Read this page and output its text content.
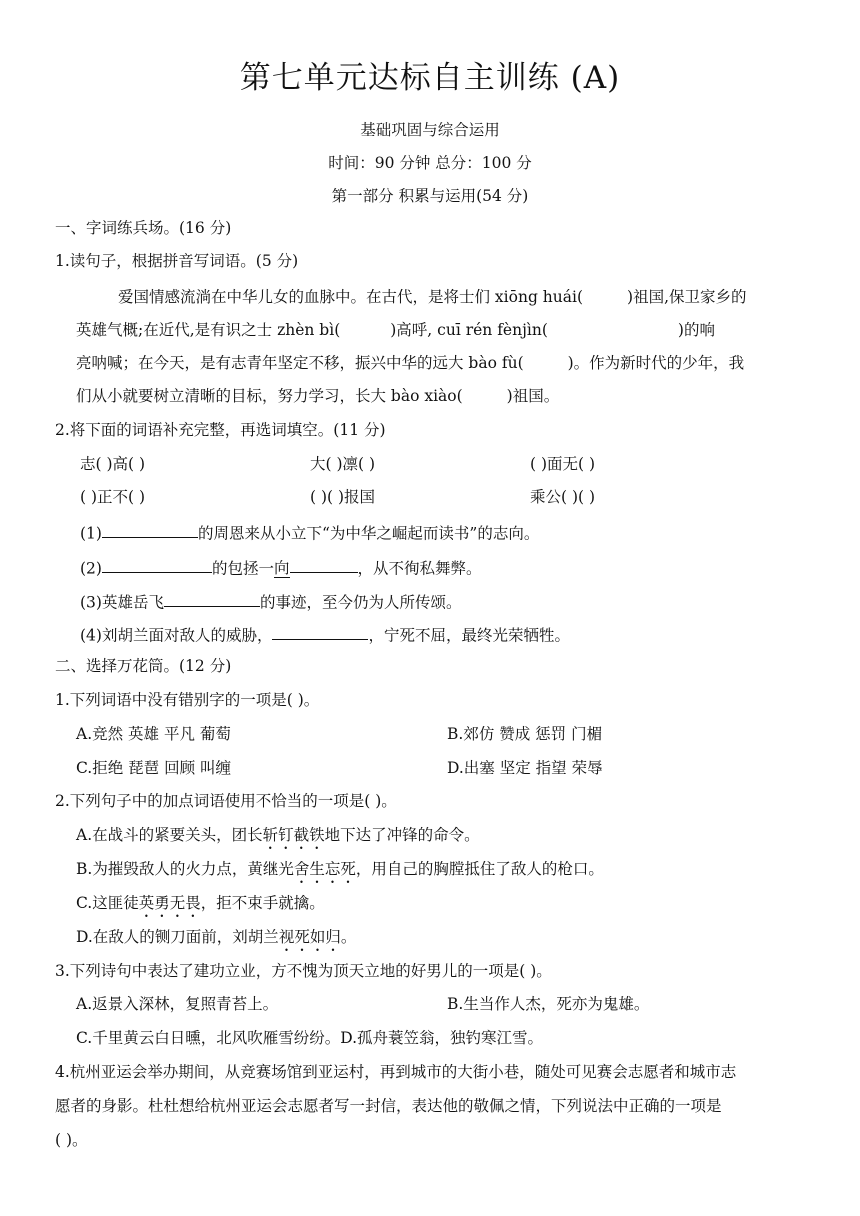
第七单元达标自主训练 (A)
基础巩固与综合运用
时间：90 分钟 总分：100 分
第一部分 积累与运用(54 分)
一、字词练兵场。(16 分)
1.读句子，根据拼音写词语。(5 分)
爱国情感流淌在中华儿女的血脉中。在古代，是将士们 xiōng huái(	)祖国,保卫家乡的
英雄气概;在近代,是有识之士 zhèn bì(	)高呼, cuī rén fènjìn(	)的响
亮呐喊；在今天，是有志青年坚定不移，振兴中华的远大 bào fù(	)。作为新时代的少年，我
们从小就要树立清晰的目标，努力学习，长大 bào xiào(	)祖国。
2.将下面的词语补充完整，再选词填空。(11 分)
志( )高( )	大( )凛( )	( )面无( )
( )正不( )	( )( )报国	乘公( )( )
(1)	的周恩来从小立下“为中华之崛起而读书”的志向。
(2)	的包拯一向	，从不徇私舞弊。
(3)英雄岳飞	的事迹，至今仍为人所传颂。
(4)刘胡兰面对敌人的威胁，	，宁死不屈，最终光荣牺牲。
二、选择万花筒。(12 分)
1.下列词语中没有错别字的一项是( )。
A.竞然 英雄 平凡 葡萄	B.郊仿 赞成 惩罚 门楣
C.拒绝 琵琶 回顾 叫缠	D.出塞 坚定 指望 荣辱
2.下列句子中的加点词语使用不恰当的一项是( )。
A.在战斗的紧要关头，团长斩钉截铁地下达了冲锋的命令。
B.为摧毁敌人的火力点，黄继光舍生忘死，用自己的胸膛抵住了敌人的枪口。
C.这匪徒英勇无畏，拒不束手就擒。
D.在敌人的铡刀面前，刘胡兰视死如归。
3.下列诗句中表达了建功立业，方不愧为顶天立地的好男儿的一项是( )。
A.返景入深林，复照青苔上。	B.生当作人杰，死亦为鬼雄。
C.千里黄云白日曛，北风吹雁雪纷纷。D.孤舟蓑笠翁，独钓寒江雪。
4.杭州亚运会举办期间，从竞赛场馆到亚运村，再到城市的大街小巷，随处可见赛会志愿者和城市志
愿者的身影。杜杜想给杭州亚运会志愿者写一封信，表达他的敬佩之情，下列说法中正确的一项是
( )。
